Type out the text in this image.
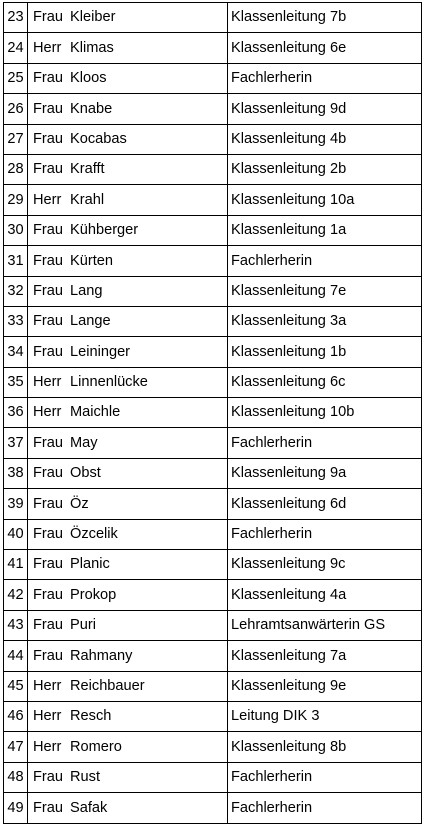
23	Frau Kleiber	Klassenleitung 7b
24	Herr Klimas	Klassenleitung 6e
25	Frau Kloos	Fachlerherin
26	Frau Knabe	Klassenleitung 9d
27	Frau Kocabas	Klassenleitung 4b
28	Frau Krafft	Klassenleitung 2b
29	Herr Krahl	Klassenleitung 10a
30	Frau Kühberger	Klassenleitung 1a
31	Frau Kürten	Fachlerherin
32	Frau Lang	Klassenleitung 7e
33	Frau Lange	Klassenleitung 3a
34	Frau Leininger	Klassenleitung 1b
35	Herr Linnenlücke	Klassenleitung 6c
36	Herr Maichle	Klassenleitung 10b
37	Frau May	Fachlerherin
38	Frau Obst	Klassenleitung 9a
39	Frau Öz	Klassenleitung 6d
40	Frau Özcelik	Fachlerherin
41	Frau Planic	Klassenleitung 9c
42	Frau Prokop	Klassenleitung 4a
43	Frau Puri	Lehramtsanwärterin GS
44	Frau Rahmany	Klassenleitung 7a
45	Herr Reichbauer	Klassenleitung 9e
46	Herr Resch	Leitung DIK 3
47	Herr Romero	Klassenleitung 8b
48	Frau Rust	Fachlerherin
49	Frau Safak	Fachlerherin
